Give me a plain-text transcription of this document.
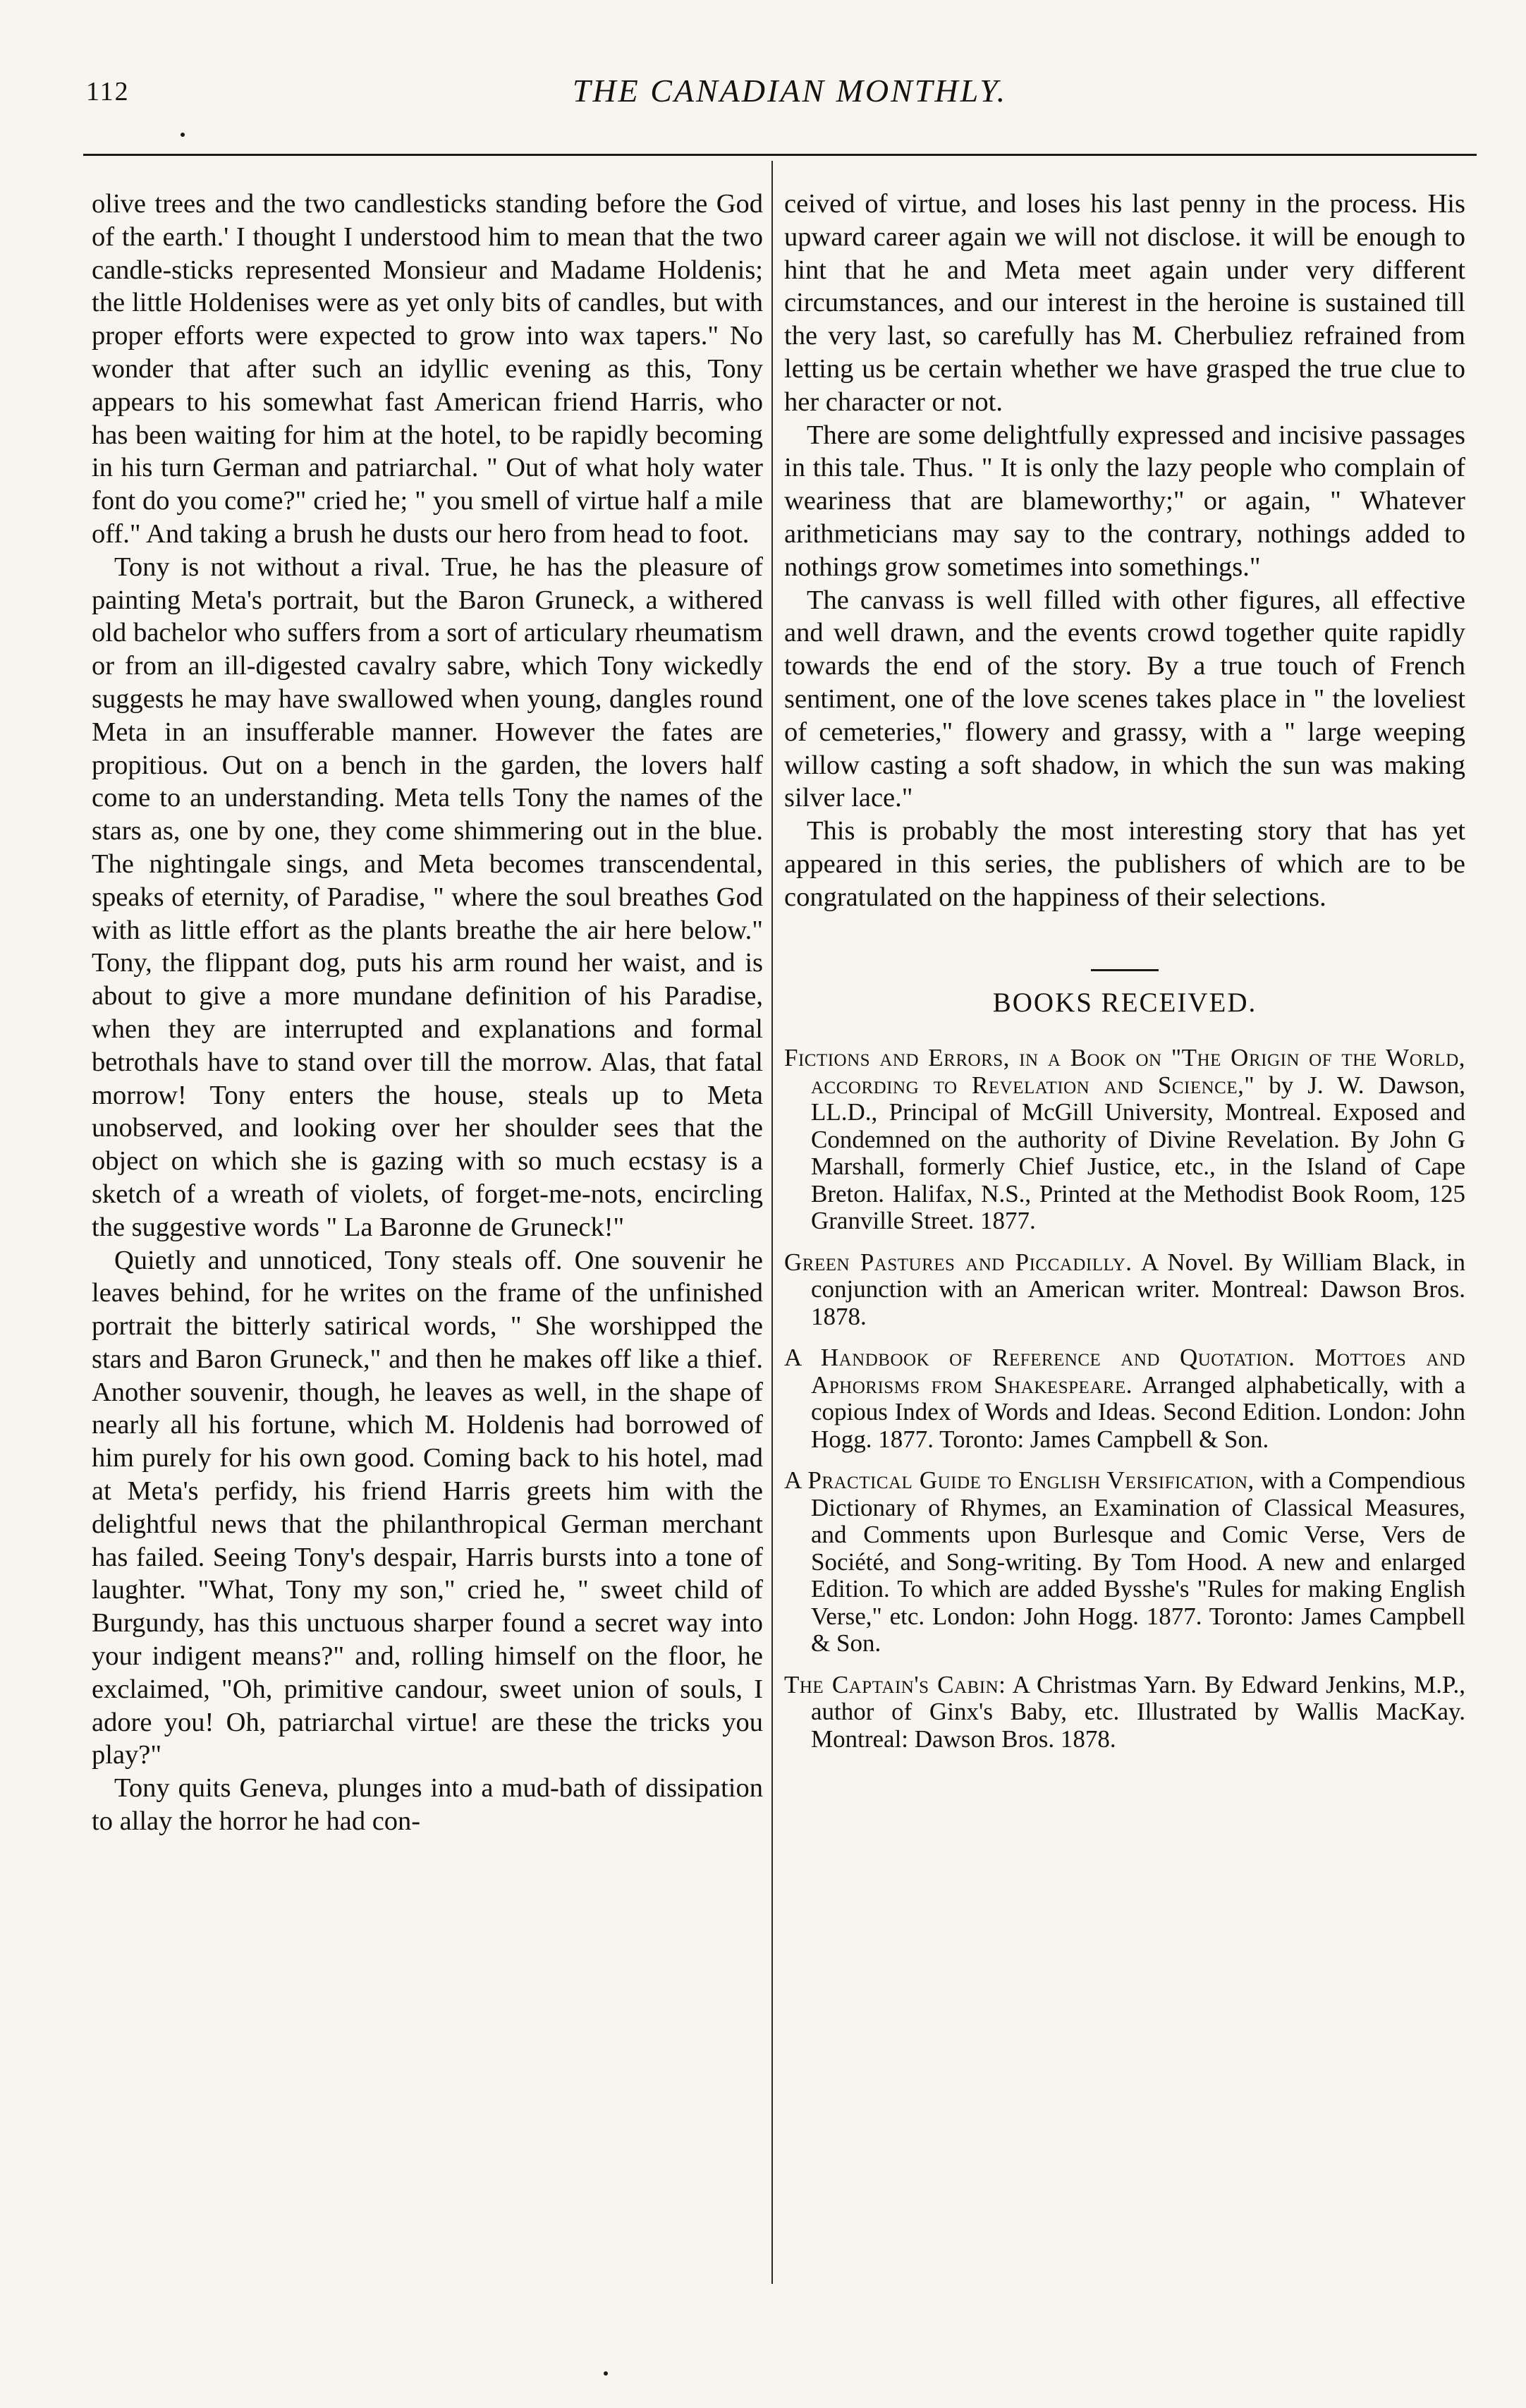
112	THE CANADIAN MONTHLY.

olive trees and the two candlesticks standing before the God of the earth.' I thought I understood him to mean that the two candle-sticks represented Monsieur and Madame Holdenis; the little Holdenises were as yet only bits of candles, but with proper efforts were expected to grow into wax tapers." No wonder that after such an idyllic evening as this, Tony appears to his somewhat fast American friend Harris, who has been waiting for him at the hotel, to be rapidly becoming in his turn German and patriarchal. " Out of what holy water font do you come?" cried he; " you smell of virtue half a mile off." And taking a brush he dusts our hero from head to foot.

Tony is not without a rival. True, he has the pleasure of painting Meta's portrait, but the Baron Gruneck, a withered old bachelor who suffers from a sort of articulary rheumatism or from an ill-digested cavalry sabre, which Tony wickedly suggests he may have swallowed when young, dangles round Meta in an insufferable manner. However the fates are propitious. Out on a bench in the garden, the lovers half come to an understanding. Meta tells Tony the names of the stars as, one by one, they come shimmering out in the blue. The nightingale sings, and Meta becomes transcendental, speaks of eternity, of Paradise, " where the soul breathes God with as little effort as the plants breathe the air here below." Tony, the flippant dog, puts his arm round her waist, and is about to give a more mundane definition of his Paradise, when they are interrupted and explanations and formal betrothals have to stand over till the morrow. Alas, that fatal morrow! Tony enters the house, steals up to Meta unobserved, and looking over her shoulder sees that the object on which she is gazing with so much ecstasy is a sketch of a wreath of violets, of forget-me-nots, encircling the suggestive words " La Baronne de Gruneck!"

Quietly and unnoticed, Tony steals off. One souvenir he leaves behind, for he writes on the frame of the unfinished portrait the bitterly satirical words, " She worshipped the stars and Baron Gruneck," and then he makes off like a thief. Another souvenir, though, he leaves as well, in the shape of nearly all his fortune, which M. Holdenis had borrowed of him purely for his own good. Coming back to his hotel, mad at Meta's perfidy, his friend Harris greets him with the delightful news that the philanthropical German merchant has failed. Seeing Tony's despair, Harris bursts into a tone of laughter. "What, Tony my son," cried he, " sweet child of Burgundy, has this unctuous sharper found a secret way into your indigent means?" and, rolling himself on the floor, he exclaimed, "Oh, primitive candour, sweet union of souls, I adore you! Oh, patriarchal virtue! are these the tricks you play?"

Tony quits Geneva, plunges into a mud-bath of dissipation to allay the horror he had con-

ceived of virtue, and loses his last penny in the process. His upward career again we will not disclose. it will be enough to hint that he and Meta meet again under very different circumstances, and our interest in the heroine is sustained till the very last, so carefully has M. Cherbuliez refrained from letting us be certain whether we have grasped the true clue to her character or not.

There are some delightfully expressed and incisive passages in this tale. Thus. " It is only the lazy people who complain of weariness that are blameworthy;" or again, " Whatever arithmeticians may say to the contrary, nothings added to nothings grow sometimes into somethings."

The canvass is well filled with other figures, all effective and well drawn, and the events crowd together quite rapidly towards the end of the story. By a true touch of French sentiment, one of the love scenes takes place in " the loveliest of cemeteries," flowery and grassy, with a " large weeping willow casting a soft shadow, in which the sun was making silver lace."

This is probably the most interesting story that has yet appeared in this series, the publishers of which are to be congratulated on the happiness of their selections.

BOOKS RECEIVED.

Fictions and Errors, in a Book on "The Origin of the World, according to Revelation and Science," by J. W. Dawson, LL.D., Principal of McGill University, Montreal. Exposed and Condemned on the authority of Divine Revelation. By John G Marshall, formerly Chief Justice, etc., in the Island of Cape Breton. Halifax, N.S., Printed at the Methodist Book Room, 125 Granville Street. 1877.

Green Pastures and Piccadilly. A Novel. By William Black, in conjunction with an American writer. Montreal: Dawson Bros. 1878.

A Handbook of Reference and Quotation. Mottoes and Aphorisms from Shakespeare. Arranged alphabetically, with a copious Index of Words and Ideas. Second Edition. London: John Hogg. 1877. Toronto: James Campbell & Son.

A Practical Guide to English Versification, with a Compendious Dictionary of Rhymes, an Examination of Classical Measures, and Comments upon Burlesque and Comic Verse, Vers de Société, and Song-writing. By Tom Hood. A new and enlarged Edition. To which are added Bysshe's "Rules for making English Verse," etc. London: John Hogg. 1877. Toronto: James Campbell & Son.

The Captain's Cabin: A Christmas Yarn. By Edward Jenkins, M.P., author of Ginx's Baby, etc. Illustrated by Wallis MacKay. Montreal: Dawson Bros. 1878.
